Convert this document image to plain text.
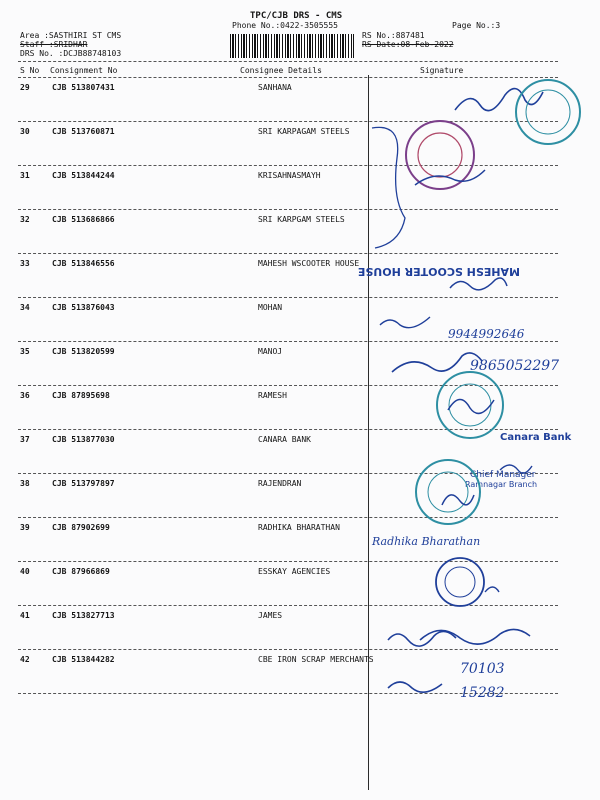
TPC/CJB DRS - CMS
Phone No.:0422-3505555	Page No.:3
Area :SASTHIRI ST CMS
Staff :SRIDHAR
DRS No. :DCJB88748103
RS No.:887481
RS Date:08-Feb-2022
S No Consignment No	Consignee Details	Signature
29	CJB 513807431	SANHANA
30	CJB 513760871	SRI KARPAGAM STEELS
31	CJB 513844244	KRISAHNASMAYH
32	CJB 513686866	SRI KARPGAM STEELS
33	CJB 513846556	MAHESH WSCOOTER HOUSE
34	CJB 513876043	MOHAN
35	CJB 513820599	MANOJ
36	CJB 87895698	RAMESH
37	CJB 513877030	CANARA BANK
38	CJB 513797897	RAJENDRAN
39	CJB 87902699	RADHIKA BHARATHAN
40	CJB 87966869	ESSKAY AGENCIES
41	CJB 513827713	JAMES
42	CJB 513844282	CBE IRON SCRAP MERCHANTS
MAHESH SCOOTER HOUSE
9944992646
9865052297
Canara Bank
Chief Manager
Ramnagar Branch
Radhika Bharathan
70103
15282
